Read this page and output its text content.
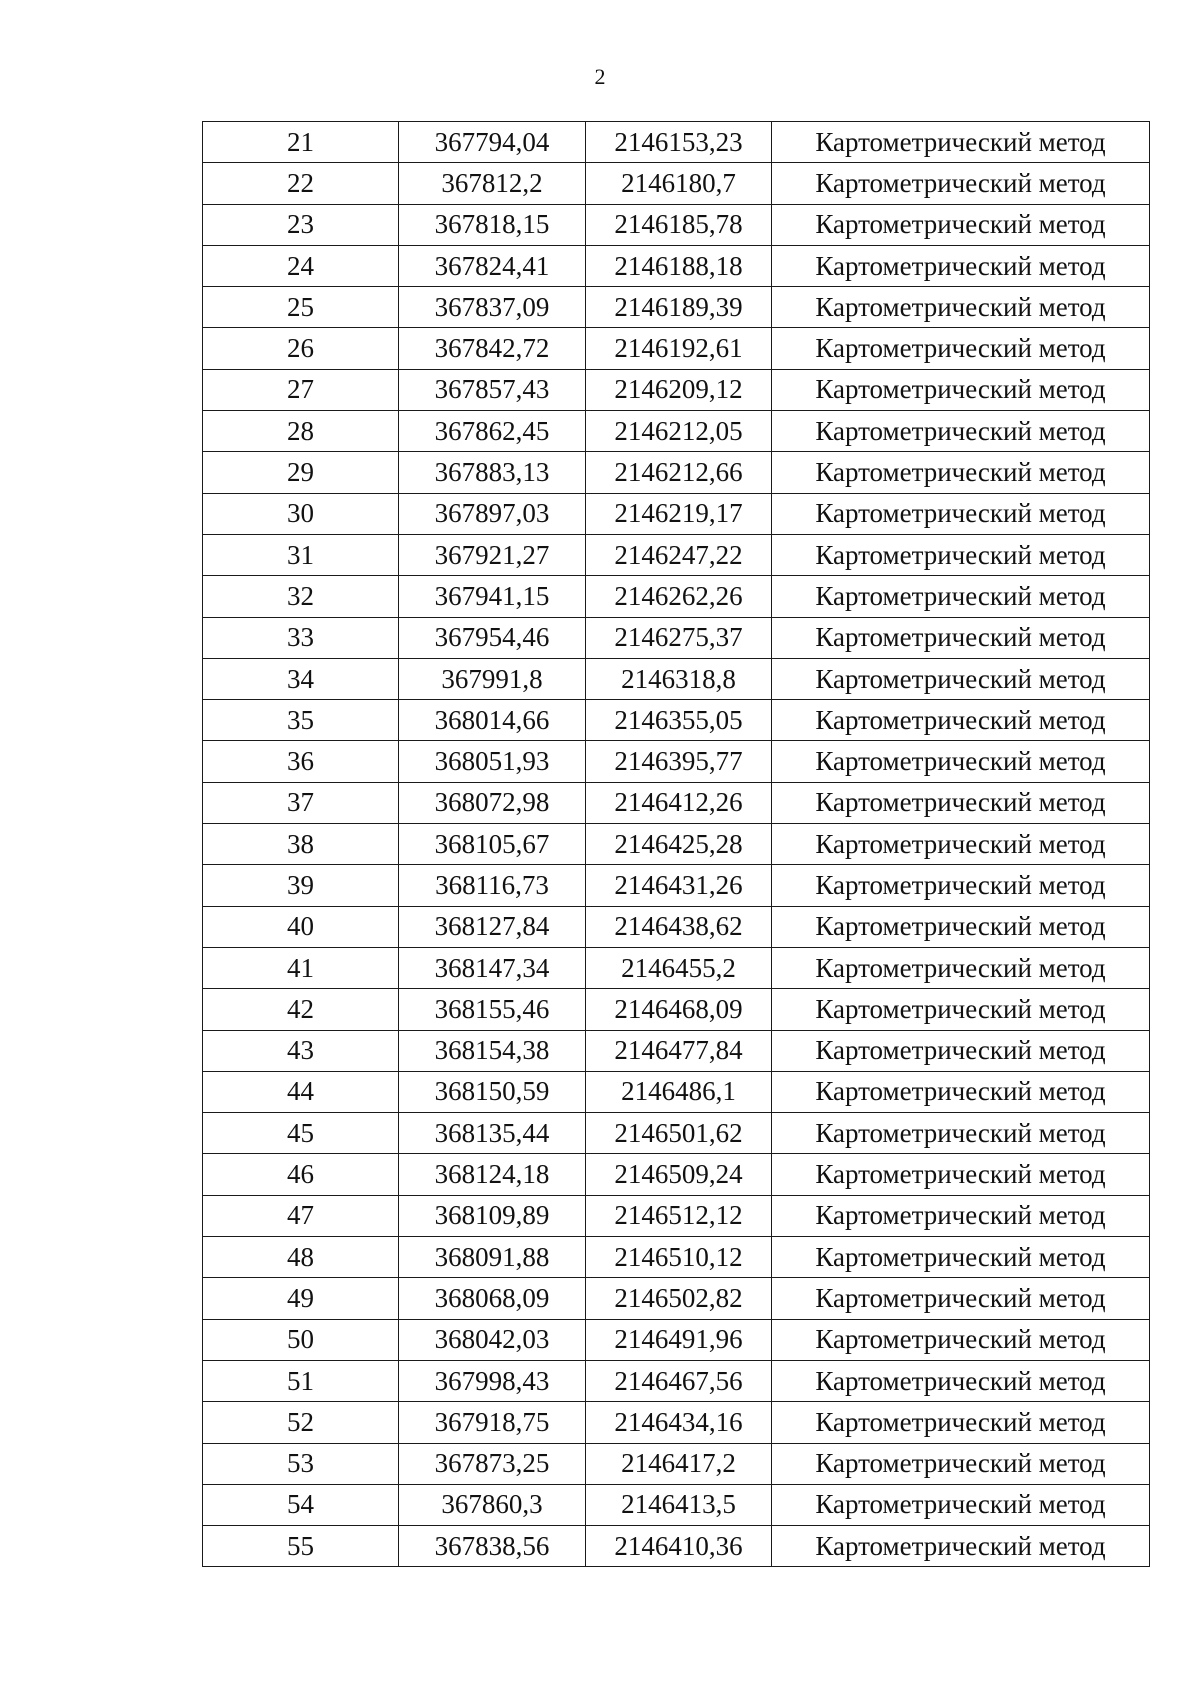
2
21	367794,04	2146153,23	Картометрический метод
22	367812,2	2146180,7	Картометрический метод
23	367818,15	2146185,78	Картометрический метод
24	367824,41	2146188,18	Картометрический метод
25	367837,09	2146189,39	Картометрический метод
26	367842,72	2146192,61	Картометрический метод
27	367857,43	2146209,12	Картометрический метод
28	367862,45	2146212,05	Картометрический метод
29	367883,13	2146212,66	Картометрический метод
30	367897,03	2146219,17	Картометрический метод
31	367921,27	2146247,22	Картометрический метод
32	367941,15	2146262,26	Картометрический метод
33	367954,46	2146275,37	Картометрический метод
34	367991,8	2146318,8	Картометрический метод
35	368014,66	2146355,05	Картометрический метод
36	368051,93	2146395,77	Картометрический метод
37	368072,98	2146412,26	Картометрический метод
38	368105,67	2146425,28	Картометрический метод
39	368116,73	2146431,26	Картометрический метод
40	368127,84	2146438,62	Картометрический метод
41	368147,34	2146455,2	Картометрический метод
42	368155,46	2146468,09	Картометрический метод
43	368154,38	2146477,84	Картометрический метод
44	368150,59	2146486,1	Картометрический метод
45	368135,44	2146501,62	Картометрический метод
46	368124,18	2146509,24	Картометрический метод
47	368109,89	2146512,12	Картометрический метод
48	368091,88	2146510,12	Картометрический метод
49	368068,09	2146502,82	Картометрический метод
50	368042,03	2146491,96	Картометрический метод
51	367998,43	2146467,56	Картометрический метод
52	367918,75	2146434,16	Картометрический метод
53	367873,25	2146417,2	Картометрический метод
54	367860,3	2146413,5	Картометрический метод
55	367838,56	2146410,36	Картометрический метод
